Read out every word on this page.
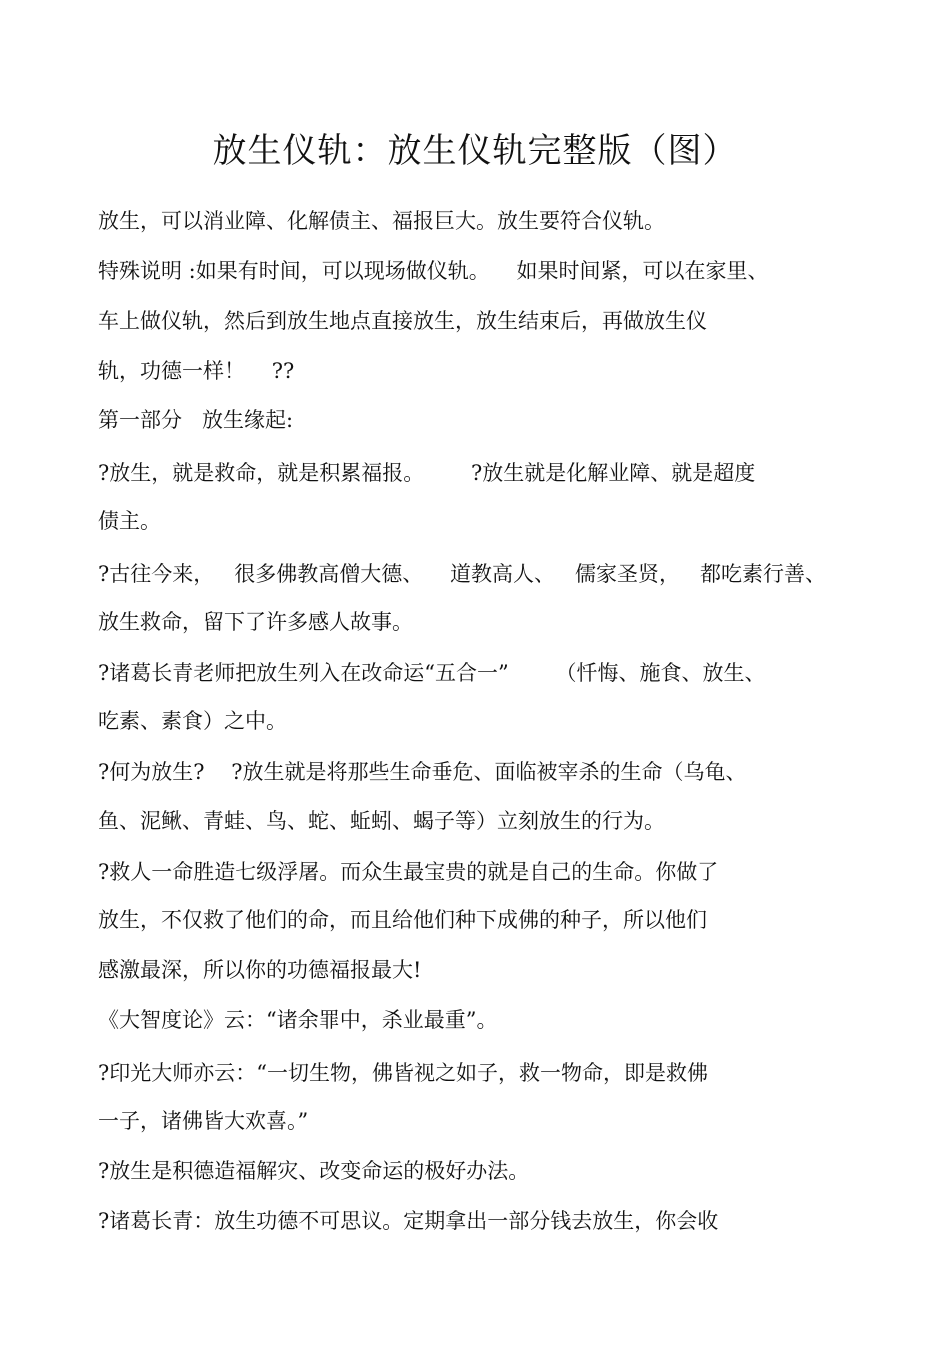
放生仪轨：放生仪轨完整版（图）
放生，可以消业障、化解债主、福报巨大。放生要符合仪轨。
特殊说明 :如果有时间，可以现场做仪轨。    如果时间紧，可以在家里、
车上做仪轨，然后到放生地点直接放生，放生结束后，再做放生仪
轨，功德一样！    ??
第一部分   放生缘起:
?放生，就是救命，就是积累福报。       ?放生就是化解业障、就是超度
债主。
?古往今来，   很多佛教高僧大德、    道教高人、   儒家圣贤，   都吃素行善、
放生救命，留下了许多感人故事。
?诸葛长青老师把放生列入在改命运“五合一”       （忏悔、施食、放生、
吃素、素食）之中。
?何为放生?    ?放生就是将那些生命垂危、面临被宰杀的生命（乌龟、
鱼、泥鳅、青蛙、鸟、蛇、蚯蚓、蝎子等）立刻放生的行为。
?救人一命胜造七级浮屠。而众生最宝贵的就是自己的生命。你做了
放生，不仅救了他们的命，而且给他们种下成佛的种子，所以他们
感激最深，所以你的功德福报最大!
《大智度论》云：“诸余罪中，杀业最重”。
?印光大师亦云：“一切生物，佛皆视之如子，救一物命，即是救佛
一子，诸佛皆大欢喜。”
?放生是积德造福解灾、改变命运的极好办法。
?诸葛长青：放生功德不可思议。定期拿出一部分钱去放生，你会收
